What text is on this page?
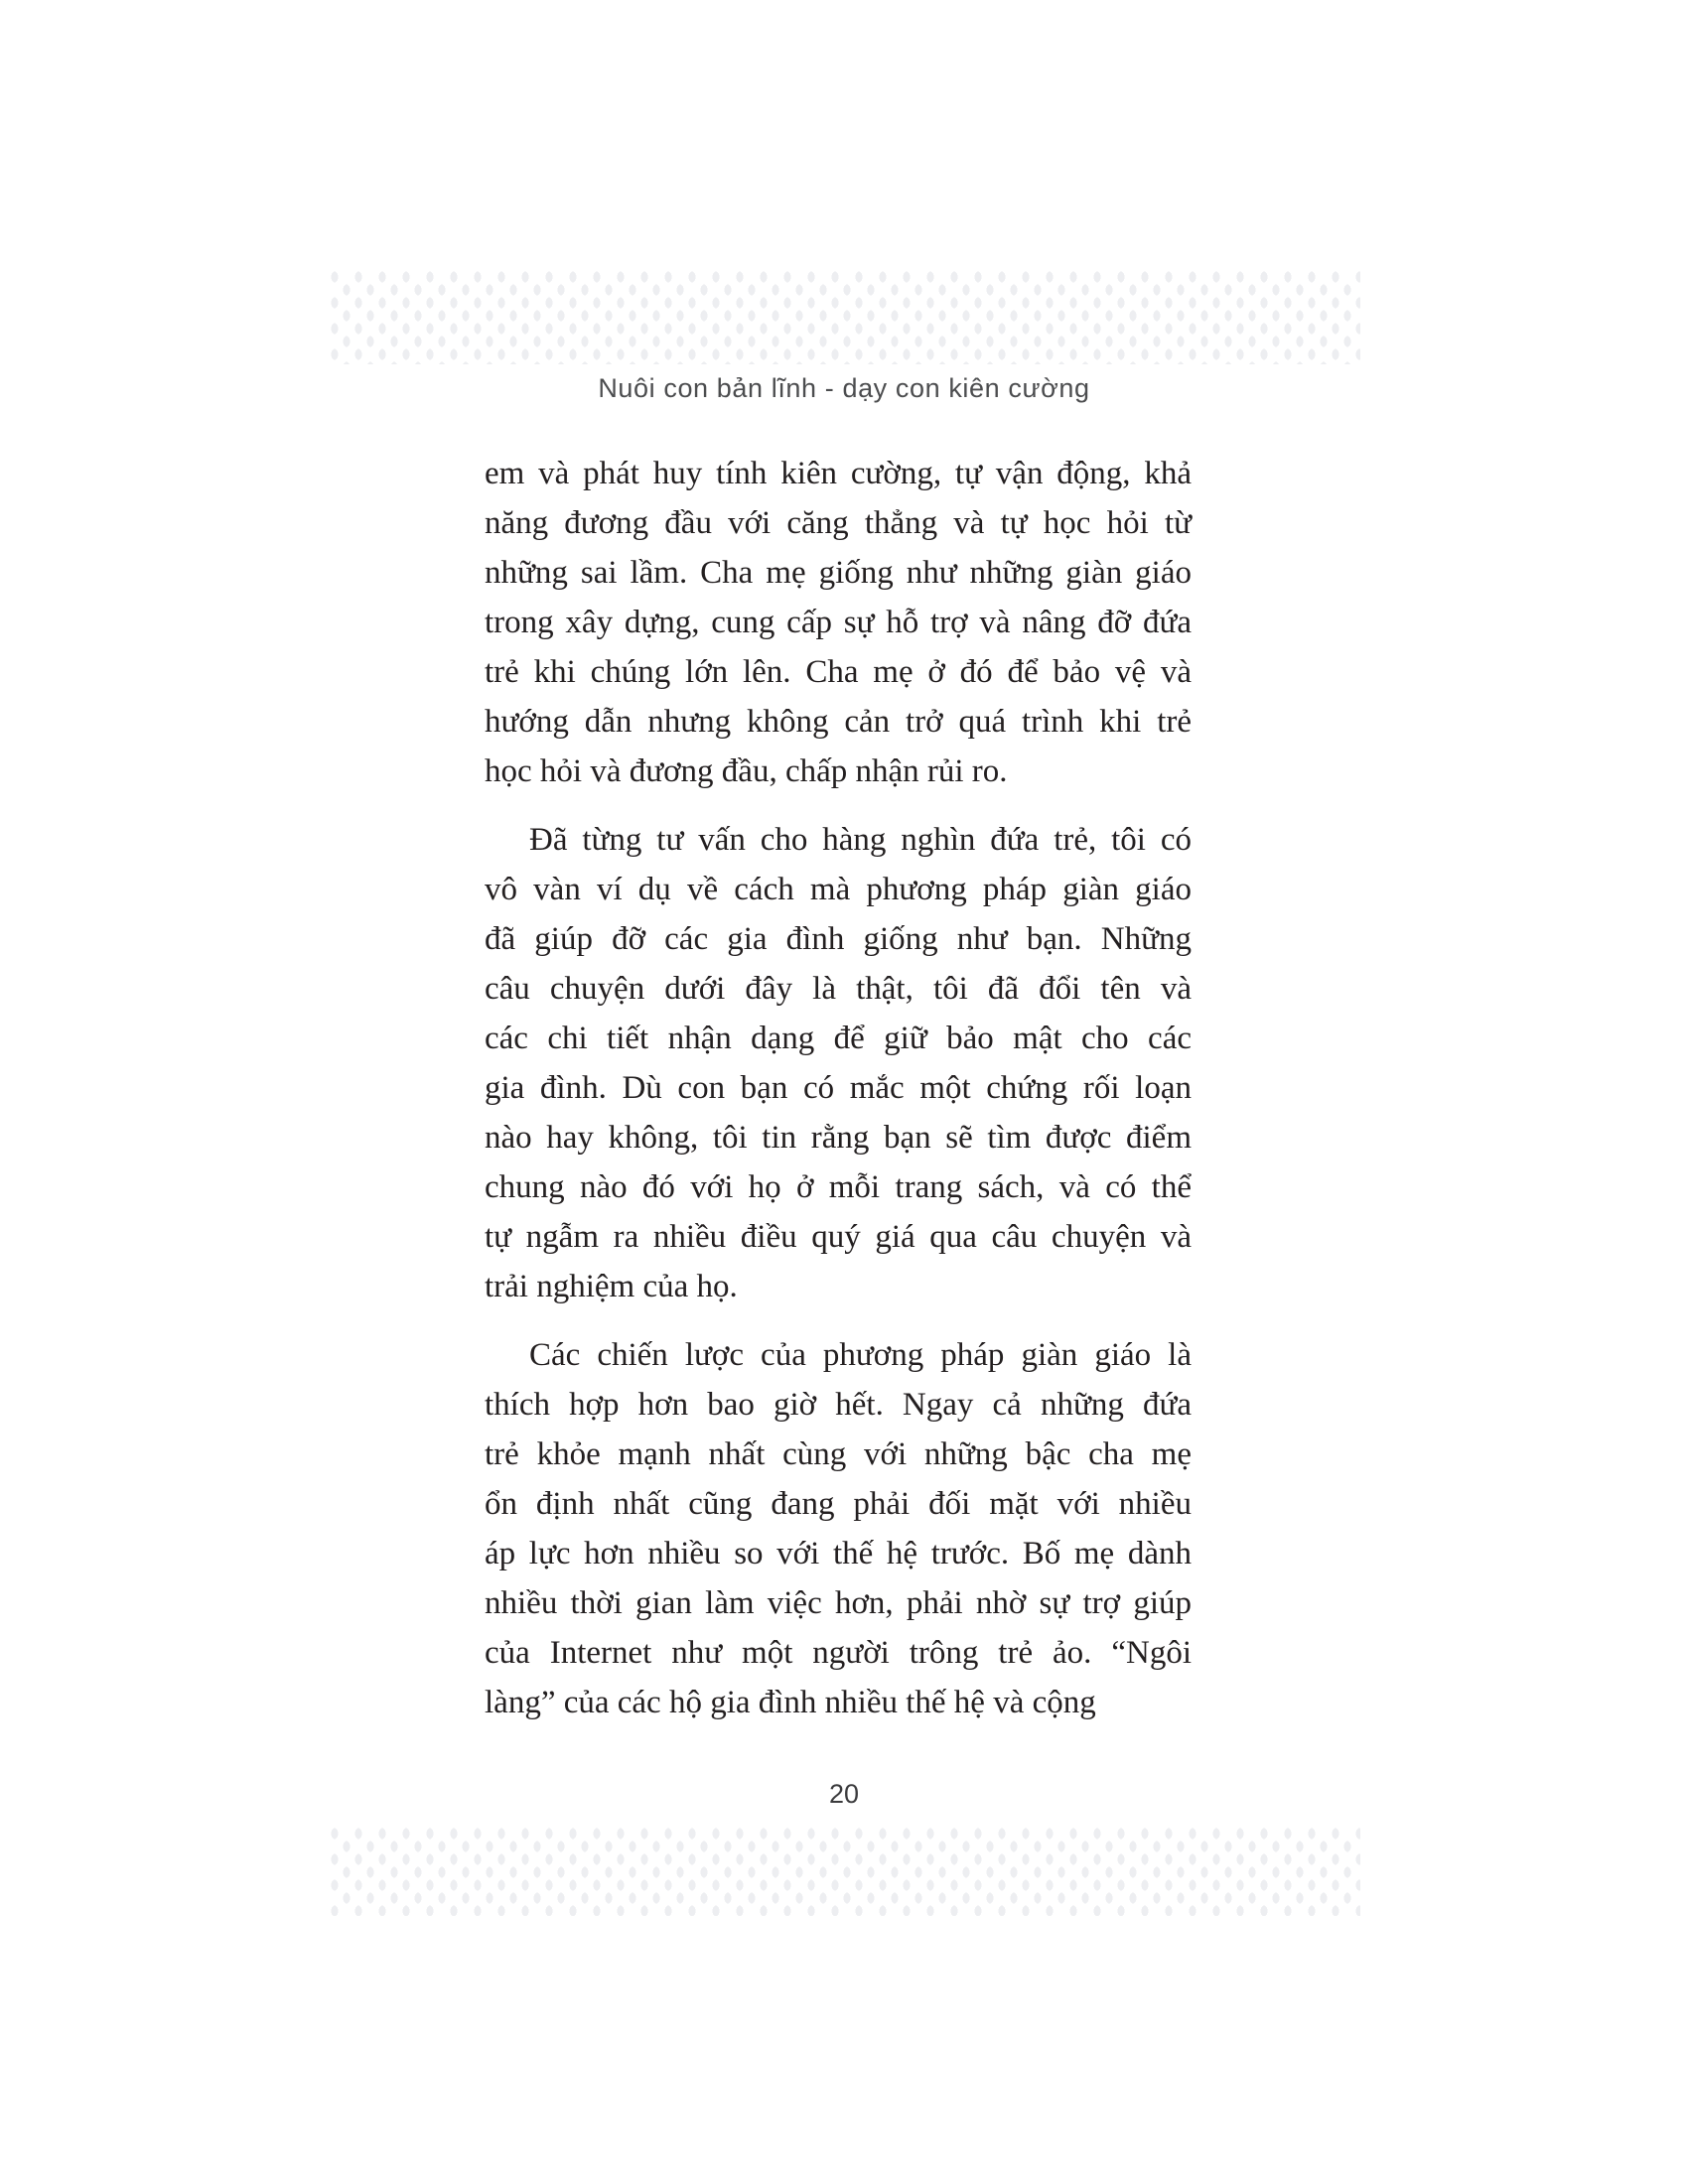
Nuôi con bản lĩnh - dạy con kiên cường
em và phát huy tính kiên cường, tự vận động, khả
năng đương đầu với căng thẳng và tự học hỏi từ
những sai lầm. Cha mẹ giống như những giàn giáo
trong xây dựng, cung cấp sự hỗ trợ và nâng đỡ đứa
trẻ khi chúng lớn lên. Cha mẹ ở đó để bảo vệ và
hướng dẫn nhưng không cản trở quá trình khi trẻ
học hỏi và đương đầu, chấp nhận rủi ro.
Đã từng tư vấn cho hàng nghìn đứa trẻ, tôi có
vô vàn ví dụ về cách mà phương pháp giàn giáo
đã giúp đỡ các gia đình giống như bạn. Những
câu chuyện dưới đây là thật, tôi đã đổi tên và
các chi tiết nhận dạng để giữ bảo mật cho các
gia đình. Dù con bạn có mắc một chứng rối loạn
nào hay không, tôi tin rằng bạn sẽ tìm được điểm
chung nào đó với họ ở mỗi trang sách, và có thể
tự ngẫm ra nhiều điều quý giá qua câu chuyện và
trải nghiệm của họ.
Các chiến lược của phương pháp giàn giáo là
thích hợp hơn bao giờ hết. Ngay cả những đứa
trẻ khỏe mạnh nhất cùng với những bậc cha mẹ
ổn định nhất cũng đang phải đối mặt với nhiều
áp lực hơn nhiều so với thế hệ trước. Bố mẹ dành
nhiều thời gian làm việc hơn, phải nhờ sự trợ giúp
của Internet như một người trông trẻ ảo. “Ngôi
làng” của các hộ gia đình nhiều thế hệ và cộng
20
